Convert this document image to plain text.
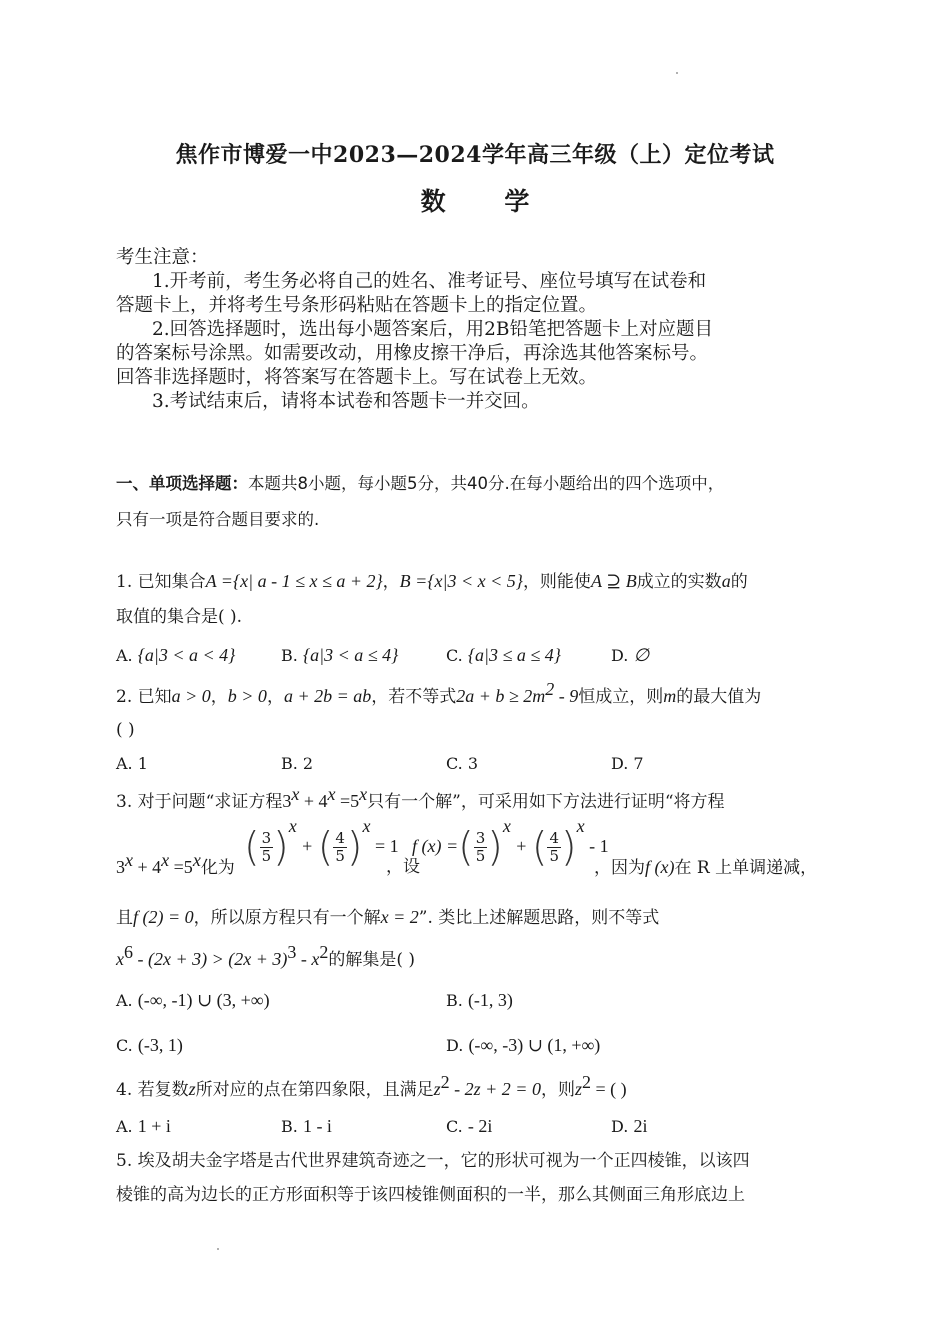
焦作市博爱一中2023—2024学年高三年级（上）定位考试
数 学
考生注意：
1.开考前，考生务必将自己的姓名、准考证号、座位号填写在试卷和
答题卡上，并将考生号条形码粘贴在答题卡上的指定位置。
2.回答选择题时，选出每小题答案后，用2B铅笔把答题卡上对应题目
的答案标号涂黑。如需要改动，用橡皮擦干净后，再涂选其他答案标号。
回答非选择题时，将答案写在答题卡上。写在试卷上无效。
3.考试结束后，请将本试卷和答题卡一并交回。
一、单项选择题：本题共8小题，每小题5分，共40分.在每小题给出的四个选项中，
只有一项是符合题目要求的.
1. 已知集合A ={x| a - 1 ≤ x ≤ a + 2}，B ={x|3 < x < 5}，则能使A ⊇ B成立的实数a的
取值的集合是( ).
A. {a|3 < a < 4}	B. {a|3 < a ≤ 4}	C. {a|3 ≤ a ≤ 4}	D. ∅
2. 已知a > 0，b > 0，a + 2b = ab，若不等式$2a + b \ge 2m^2 - 9$恒成立，则m的最大值为
( )
A. 1	B. 2	C. 3	D. 7
3. 对于问题“求证方程$3^x + 4^x =5^x$只有一个解”，可采用如下方法进行证明“将方程
$3^x + 4^x =5^x$化为 ( $\frac{3}{5} )^x$ + ( $\frac{4}{5} )^x = 1$
，设
f (x) =( $\frac{3}{5} )^x$ + ( $\frac{4}{5} )^x - 1$
，因为f (x)在 R 上单调递减，
且f (2) = 0，所以原方程只有一个解x = 2”. 类比上述解题思路，则不等式
$x^6 - (2x + 3) > (2x + 3)^3 - x^2$的解集是( )
A. (-∞, -1) ∪ (3, +∞)	B. (-1, 3)
C. (-3, 1)	D. (-∞, -3) ∪ (1, +∞)
4. 若复数z所对应的点在第四象限，且满足$z^2 - 2z + 2 = 0$，则$z^2$ = ( )
A. 1 + i	B. 1 - i	C. - 2i	D. 2i
5. 埃及胡夫金字塔是古代世界建筑奇迹之一，它的形状可视为一个正四棱锥，以该四
棱锥的高为边长的正方形面积等于该四棱锥侧面积的一半，那么其侧面三角形底边上
